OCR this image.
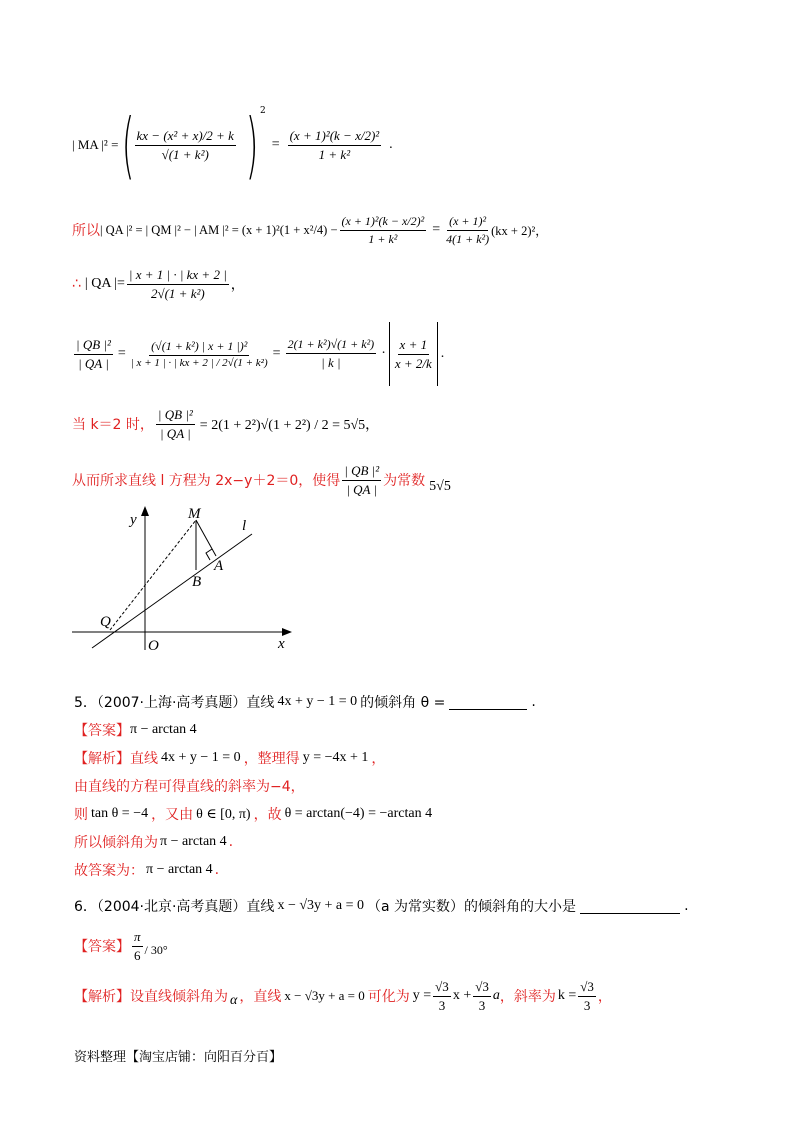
| MA |² = ( $\frac{\text{kx − (x² + x)/2 + k}}{\text{√(1 + k²)}} )^2$
= $\frac{\text{(x + 1)²(k − x/2)²}}{\text{1 + k²}}$ .
所以 | QA |² = | QM |² − | AM $|^2 = (x + 1)^2(1 + x^2/4) - \frac{\text{(x + 1)²(k − x/2)²}}{\text{1 + k²}} = \frac{\text{(x + 1)²}}{\text{4(1 + k²)}} (kx + 2)^2$，
∴ | QA |= $\frac{| x + 1 | \cdot | kx + 2 |}{\text{2√(1 + k²)}}$ ，
$\frac{\text{| QB |²}}{| QA |} = \frac{\text{(√(1 + k²) | x + 1 |)²}}{\text{| x + 1 | · | kx + 2 | / 2√(1 + k²)}} = \frac{\text{2(1 + k²)√(1 + k²)}}{| k |} \cdot \frac{x + 1}{x + 2/k}$ .
当 k＝2 时， $\frac{\text{| QB |²}}{| QA |} = 2(1 + 2^2)√(1 + 2^2) / 2 = 5√5$，
从而所求直线 l 方程为 2x−y＋2＝0，使得 $\frac{\text{| QB |²}}{| QA |}$ 为常数 5√5
y
x
M
l
A
B
Q
O
5．（2007·上海·高考真题）直线 4x + y − 1 = 0 的倾斜角 θ =	.
【答案】 π − arctan 4
【解析】 直线 4x + y − 1 = 0 ，整理得 y = −4x + 1 ，
由直线的方程可得直线的斜率为−4，
则 tan θ = −4 ，又由 θ ∈ [0, π) ，故 θ = arctan(−4) = −arctan 4
所以倾斜角为 π − arctan 4 .
故答案为： π − arctan 4 .
6．（2004·北京·高考真题）直线 x − √3y + a = 0 （a 为常实数）的倾斜角的大小是	.
【答案】 $\frac{\pi}{6} / 30^\circ$
【解析】 设直线倾斜角为 α ，直线 x − √3y + a = 0 可化为 $y = \frac{√3}{3}$ $x + \frac{√3}{3}$ a ，斜率为 $k = \frac{√3}{3}$ ，
资料整理【淘宝店铺：向阳百分百】
